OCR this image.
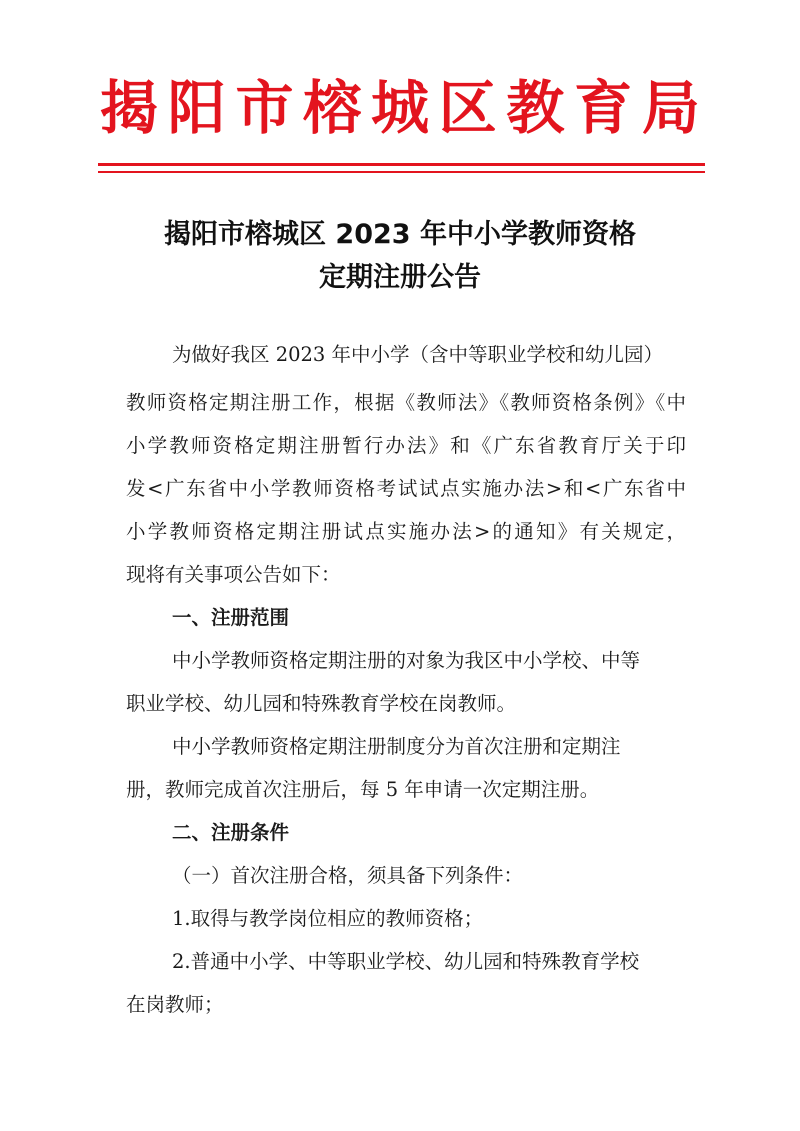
揭 阳 市 榕 城 区 教 育 局
揭阳市榕城区 2023 年中小学教师资格
定期注册公告
为做好我区 2023 年中小学（含中等职业学校和幼儿园）
教师资格定期注册工作，根据《教师法》《教师资格条例》《中
小学教师资格定期注册暂行办法》和《广东省教育厅关于印
发<广东省中小学教师资格考试试点实施办法>和<广东省中
小学教师资格定期注册试点实施办法>的通知》有关规定，
现将有关事项公告如下：
一、注册范围
中小学教师资格定期注册的对象为我区中小学校、中等
职业学校、幼儿园和特殊教育学校在岗教师。
中小学教师资格定期注册制度分为首次注册和定期注
册，教师完成首次注册后，每 5 年申请一次定期注册。
二、注册条件
（一）首次注册合格，须具备下列条件：
1.取得与教学岗位相应的教师资格；
2.普通中小学、中等职业学校、幼儿园和特殊教育学校
在岗教师；
